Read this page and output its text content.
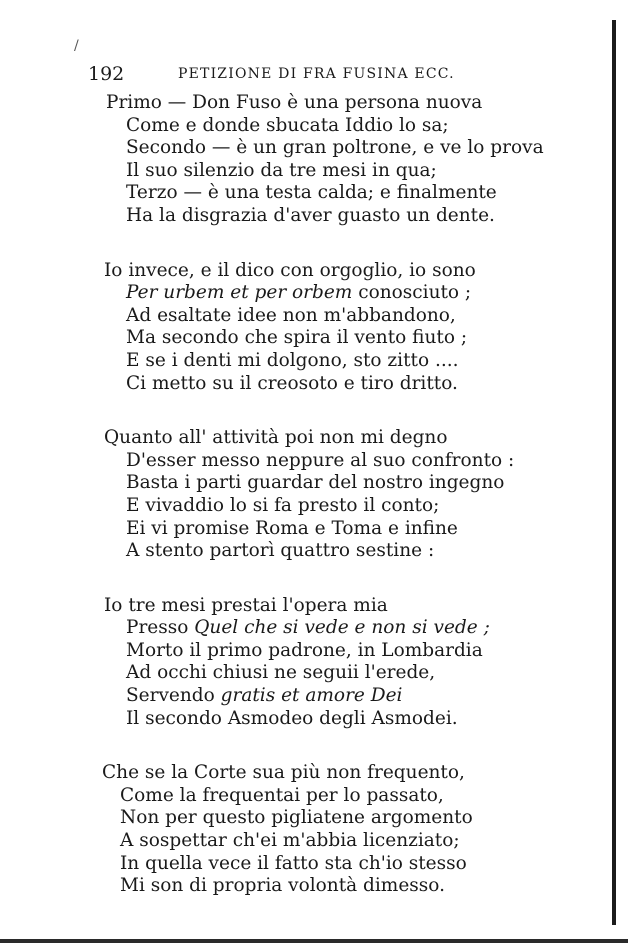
/
192	PETIZIONE DI FRA FUSINA ECC.
Primo — Don Fuso è una persona nuova
Come e donde sbucata Iddio lo sa;
Secondo — è un gran poltrone, e ve lo prova
Il suo silenzio da tre mesi in qua;
Terzo — è una testa calda; e finalmente
Ha la disgrazia d'aver guasto un dente.
Io invece, e il dico con orgoglio, io sono
Per urbem et per orbem conosciuto ;
Ad esaltate idee non m'abbandono,
Ma secondo che spira il vento fiuto ;
E se i denti mi dolgono, sto zitto ....
Ci metto su il creosoto e tiro dritto.
Quanto all' attività poi non mi degno
D'esser messo neppure al suo confronto :
Basta i parti guardar del nostro ingegno
E vivaddio lo si fa presto il conto;
Ei vi promise Roma e Toma e infine
A stento partorì quattro sestine :
Io tre mesi prestai l'opera mia
Presso Quel che si vede e non si vede ;
Morto il primo padrone, in Lombardia
Ad occhi chiusi ne seguii l'erede,
Servendo gratis et amore Dei
Il secondo Asmodeo degli Asmodei.
Che se la Corte sua più non frequento,
Come la frequentai per lo passato,
Non per questo pigliatene argomento
A sospettar ch'ei m'abbia licenziato;
In quella vece il fatto sta ch'io stesso
Mi son di propria volontà dimesso.
